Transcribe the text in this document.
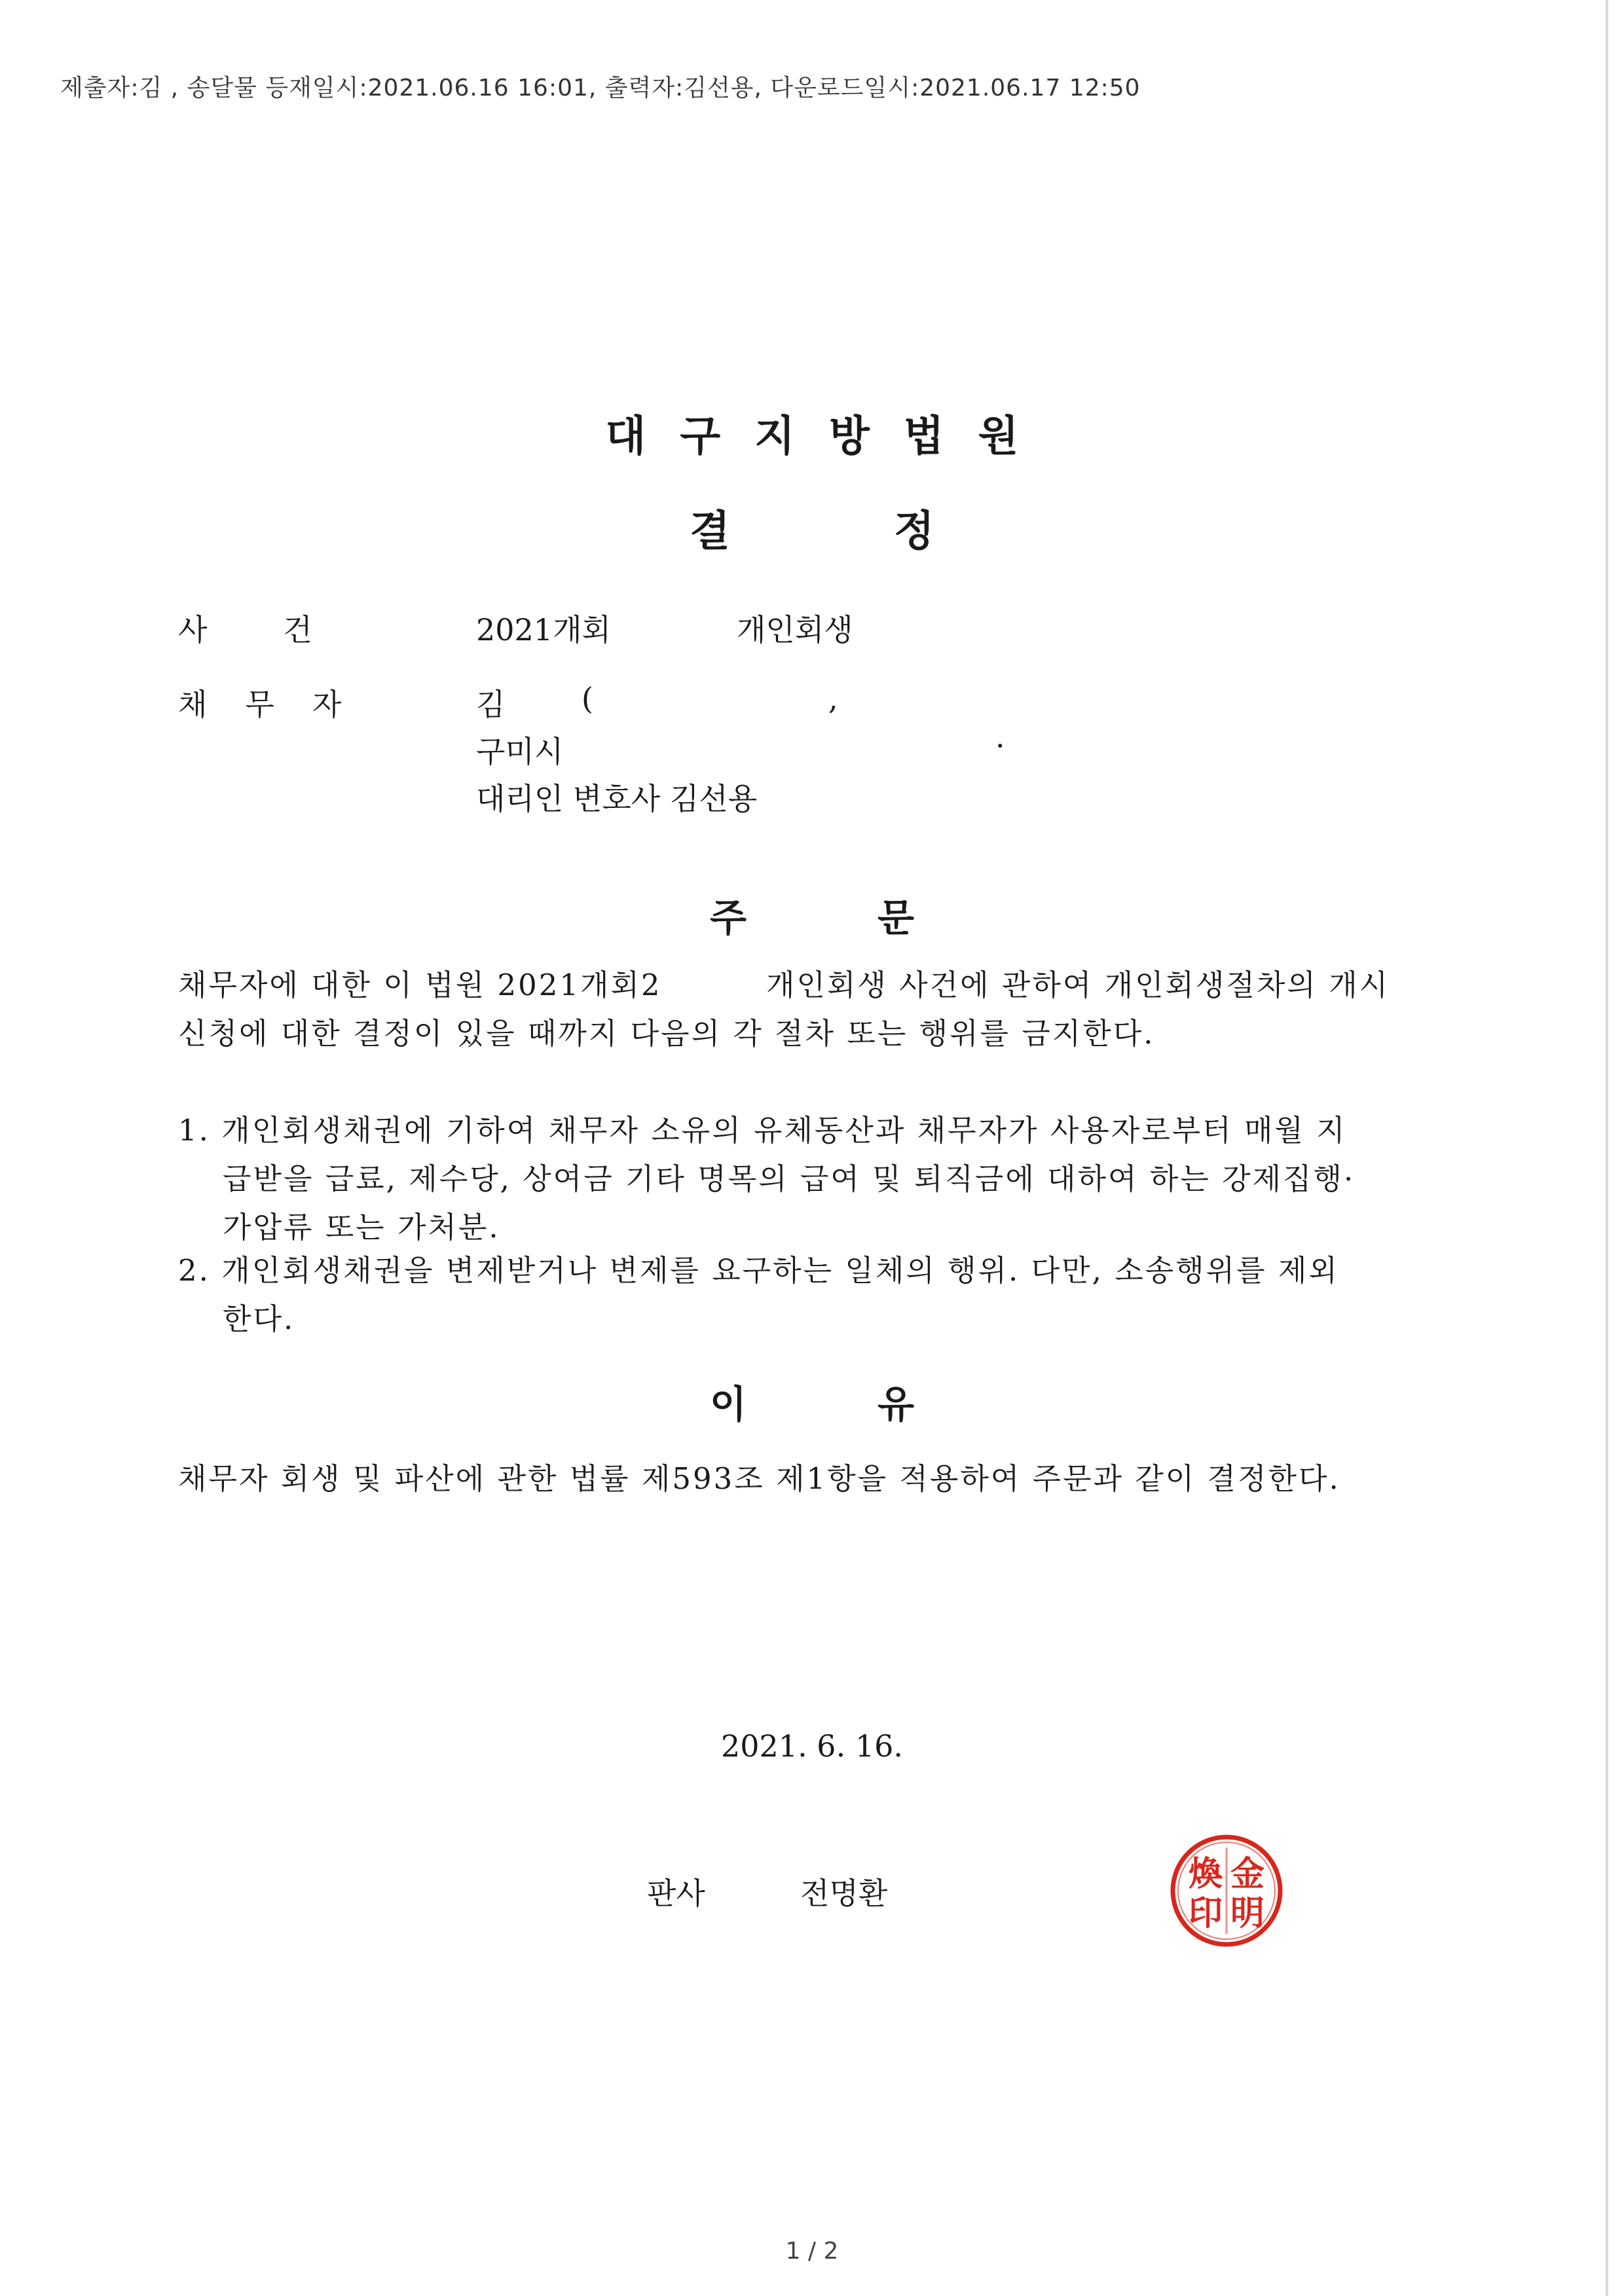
제출자:김 , 송달물 등재일시:2021.06.16 16:01, 출력자:김선용, 다운로드일시:2021.06.17 12:50
대구지방법원
결정
사건	2021개회	개인회생
채무자	김	(	,
구미시	·
대리인 변호사 김선용
주문
채무자에 대한 이 법원 2021개회2	개인회생 사건에 관하여 개인회생절차의 개시
신청에 대한 결정이 있을 때까지 다음의 각 절차 또는 행위를 금지한다.
1. 개인회생채권에 기하여 채무자 소유의 유체동산과 채무자가 사용자로부터 매월 지
급받을 급료, 제수당, 상여금 기타 명목의 급여 및 퇴직금에 대하여 하는 강제집행·
가압류 또는 가처분.
2. 개인회생채권을 변제받거나 변제를 요구하는 일체의 행위. 다만, 소송행위를 제외
한다.
이유
채무자 회생 및 파산에 관한 법률 제593조 제1항을 적용하여 주문과 같이 결정한다.
2021. 6. 16.
판사	전명환	金
明
煥
印
1 / 2
